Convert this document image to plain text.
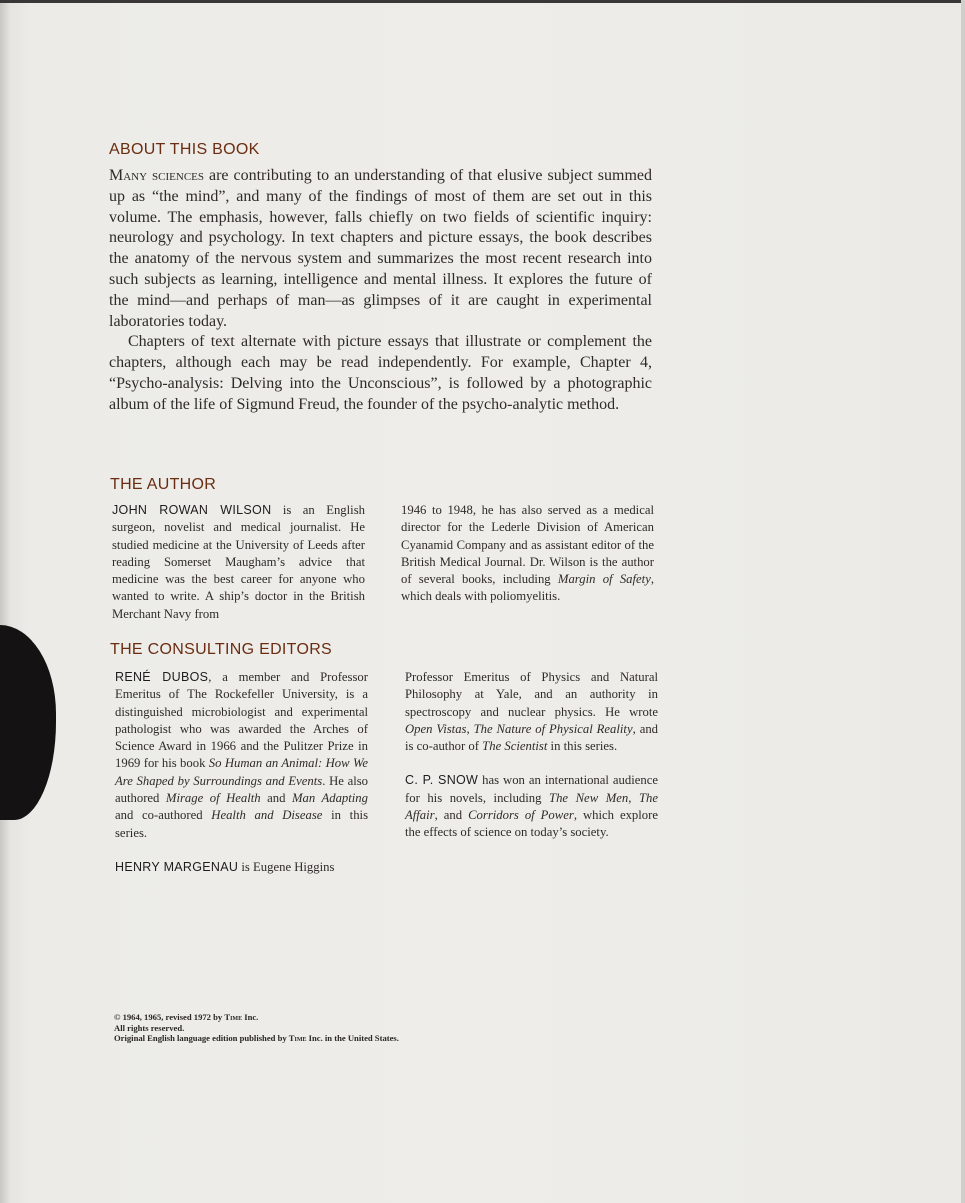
ABOUT THIS BOOK

Many sciences are contributing to an understanding of that elusive subject summed up as “the mind”, and many of the findings of most of them are set out in this volume. The emphasis, however, falls chiefly on two fields of scientific inquiry: neurology and psychology. In text chapters and picture essays, the book describes the anatomy of the nervous system and summarizes the most recent research into such subjects as learning, intelligence and mental illness. It explores the future of the mind—and perhaps of man—as glimpses of it are caught in experimental laboratories today.

Chapters of text alternate with picture essays that illustrate or complement the chapters, although each may be read independently. For example, Chapter 4, “Psycho-analysis: Delving into the Unconscious”, is followed by a photographic album of the life of Sigmund Freud, the founder of the psycho-analytic method.

THE AUTHOR

JOHN ROWAN WILSON is an English surgeon, novelist and medical journalist. He studied medicine at the University of Leeds after reading Somerset Maugham’s advice that medicine was the best career for anyone who wanted to write. A ship’s doctor in the British Merchant Navy from

1946 to 1948, he has also served as a medical director for the Lederle Division of American Cyanamid Company and as assistant editor of the British Medical Journal. Dr. Wilson is the author of several books, including Margin of Safety, which deals with poliomyelitis.

THE CONSULTING EDITORS

RENÉ DUBOS, a member and Professor Emeritus of The Rockefeller University, is a distinguished microbiologist and experimental pathologist who was awarded the Arches of Science Award in 1966 and the Pulitzer Prize in 1969 for his book So Human an Animal: How We Are Shaped by Surroundings and Events. He also authored Mirage of Health and Man Adapting and co-authored Health and Disease in this series.

HENRY MARGENAU is Eugene Higgins

Professor Emeritus of Physics and Natural Philosophy at Yale, and an authority in spectroscopy and nuclear physics. He wrote Open Vistas, The Nature of Physical Reality, and is co-author of The Scientist in this series.

C. P. SNOW has won an international audience for his novels, including The New Men, The Affair, and Corridors of Power, which explore the effects of science on today’s society.

© 1964, 1965, revised 1972 by Time Inc.
All rights reserved.
Original English language edition published by Time Inc. in the United States.
